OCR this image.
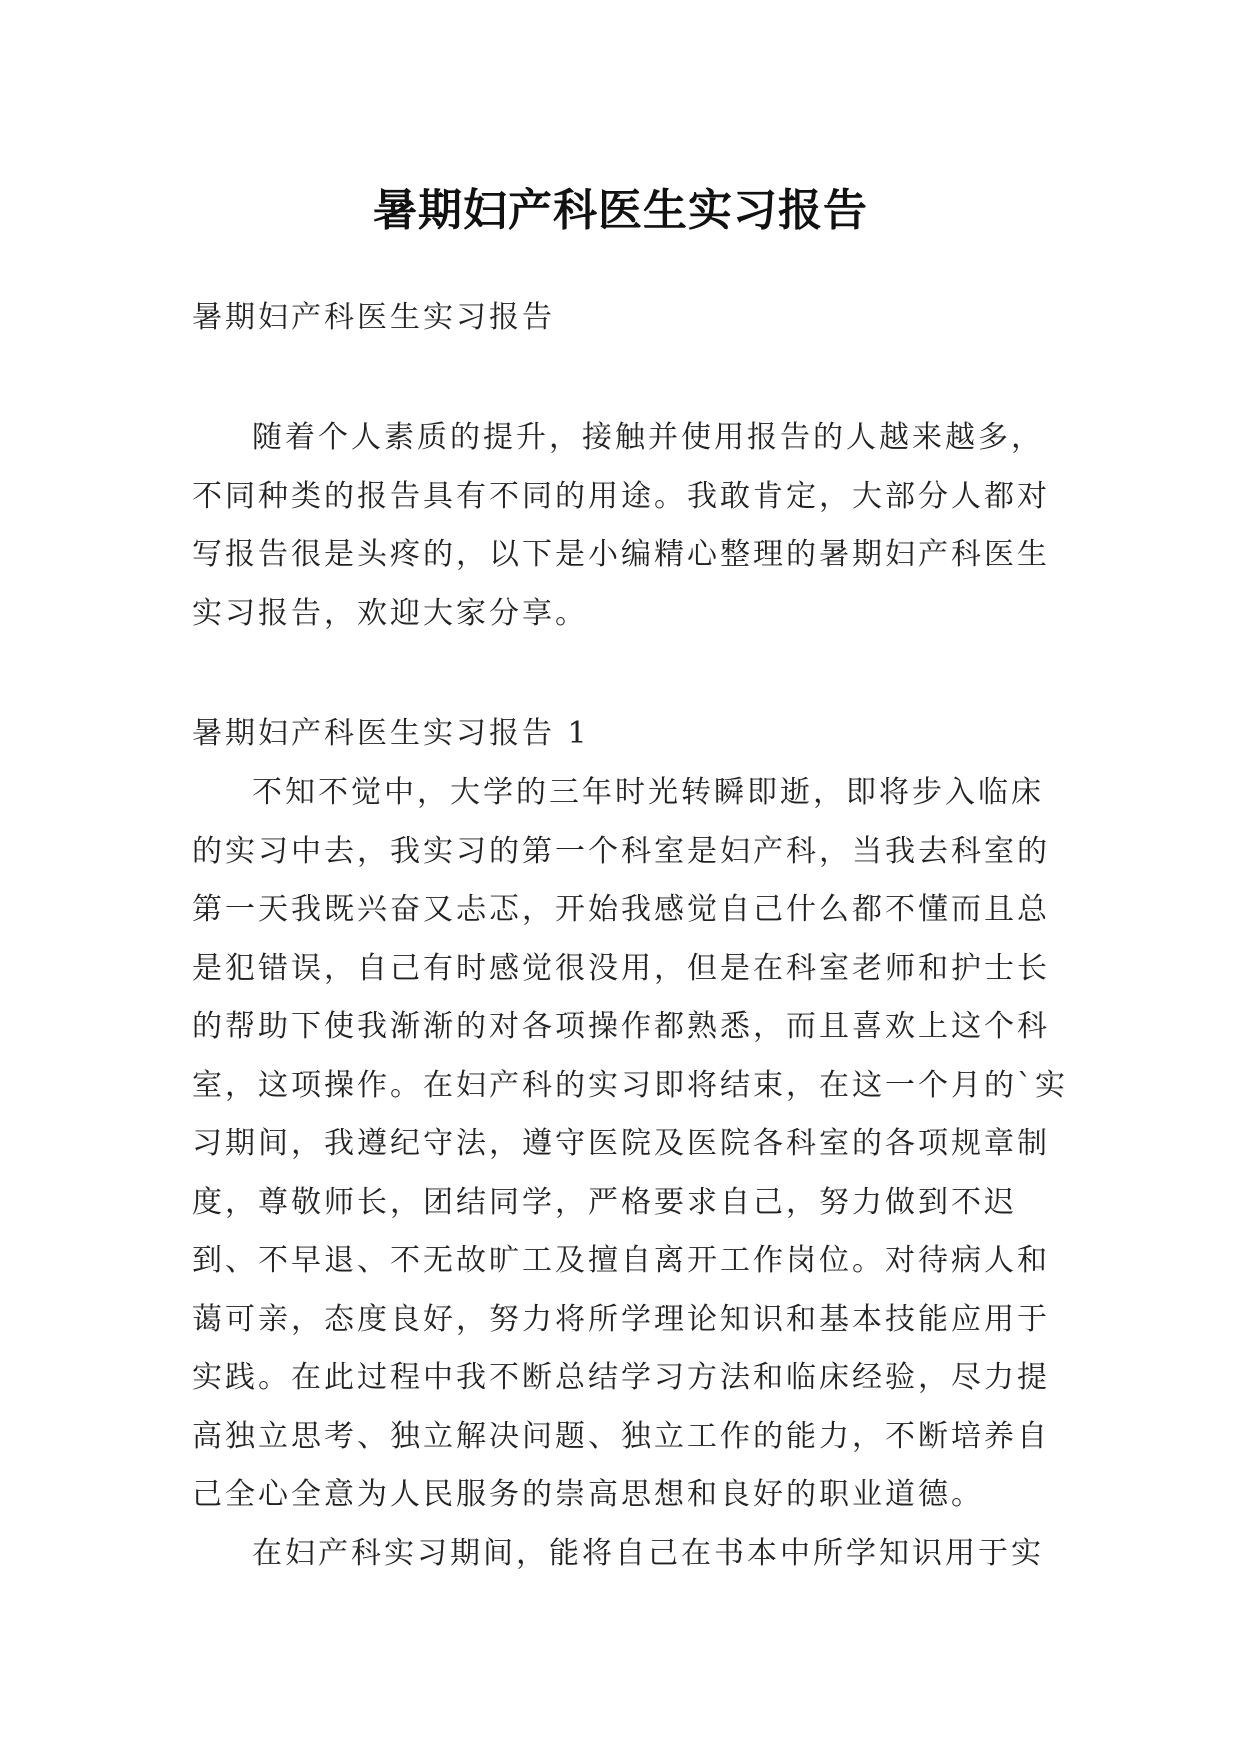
暑期妇产科医生实习报告

暑期妇产科医生实习报告

随着个人素质的提升，接触并使用报告的人越来越多，不同种类的报告具有不同的用途。我敢肯定，大部分人都对写报告很是头疼的，以下是小编精心整理的暑期妇产科医生实习报告，欢迎大家分享。

暑期妇产科医生实习报告 1

不知不觉中，大学的三年时光转瞬即逝，即将步入临床的实习中去，我实习的第一个科室是妇产科，当我去科室的第一天我既兴奋又忐忑，开始我感觉自己什么都不懂而且总是犯错误，自己有时感觉很没用，但是在科室老师和护士长的帮助下使我渐渐的对各项操作都熟悉，而且喜欢上这个科室，这项操作。在妇产科的实习即将结束，在这一个月的`实习期间，我遵纪守法，遵守医院及医院各科室的各项规章制度，尊敬师长，团结同学，严格要求自己，努力做到不迟到、不早退、不无故旷工及擅自离开工作岗位。对待病人和蔼可亲，态度良好，努力将所学理论知识和基本技能应用于实践。在此过程中我不断总结学习方法和临床经验，尽力提高独立思考、独立解决问题、独立工作的能力，不断培养自己全心全意为人民服务的崇高思想和良好的职业道德。

在妇产科实习期间，能将自己在书本中所学知识用于实
